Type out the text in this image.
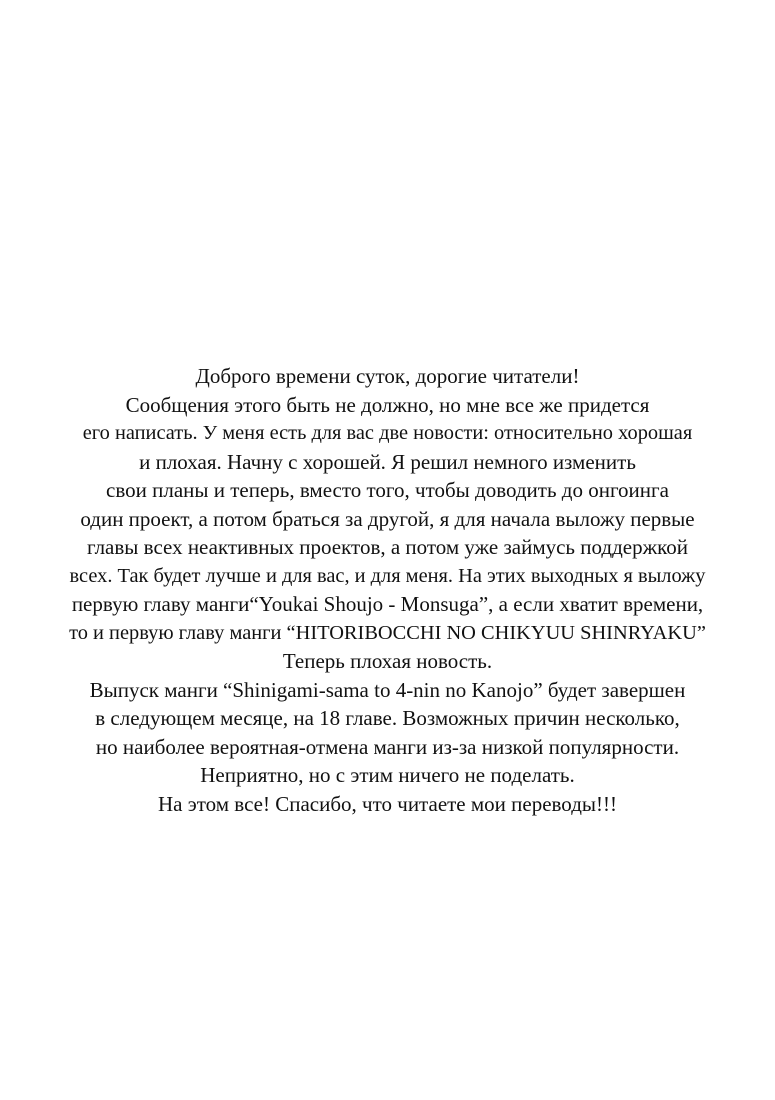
Доброго времени суток, дорогие читатели!
Сообщения этого быть не должно, но мне все же придется
его написать. У меня есть для вас две новости: относительно хорошая
и плохая. Начну с хорошей. Я решил немного изменить
свои планы и теперь, вместо того, чтобы доводить до онгоинга
один проект, а потом браться за другой, я для начала выложу первые
главы всех неактивных проектов, а потом уже займусь поддержкой
всех. Так будет лучше и для вас, и для меня. На этих выходных я выложу
первую главу манги“Youkai Shoujo - Monsuga”, а если хватит времени,
то и первую главу манги “HITORIBOCCHI NO CHIKYUU SHINRYAKU”
Теперь плохая новость.
Выпуск манги “Shinigami-sama to 4-nin no Kanojo” будет завершен
в следующем месяце, на 18 главе. Возможных причин несколько,
но наиболее вероятная-отмена манги из-за низкой популярности.
Неприятно, но с этим ничего не поделать.
На этом все! Спасибо, что читаете мои переводы!!!
